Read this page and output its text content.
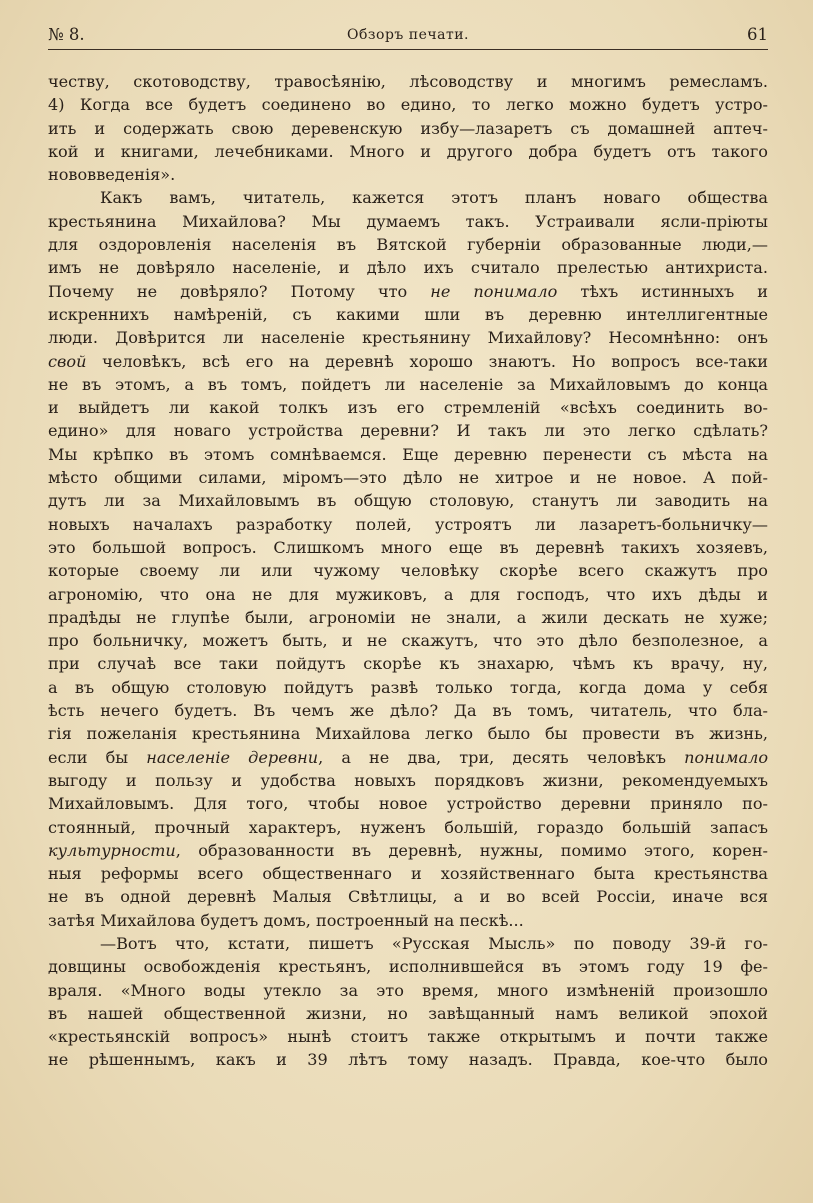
№ 8.	Обзоръ печати.	61
честву, скотоводству, травосѣянію, лѣсоводству и многимъ ремесламъ.
4) Когда все будетъ соединено во едино, то легко можно будетъ устро-
ить и содержать свою деревенскую избу—лазаретъ съ домашней аптеч-
кой и книгами, лечебниками. Много и другого добра будетъ отъ такого
нововведенія».
Какъ вамъ, читатель, кажется этотъ планъ новаго общества
крестьянина Михайлова? Мы думаемъ такъ. Устраивали ясли-пріюты
для оздоровленія населенія въ Вятской губерніи образованные люди,—
имъ не довѣряло населеніе, и дѣло ихъ считало прелестью антихриста.
Почему не довѣряло? Потому что не понимало тѣхъ истинныхъ и
искреннихъ намѣреній, съ какими шли въ деревню интеллигентные
люди. Довѣрится ли населеніе крестьянину Михайлову? Несомнѣнно: онъ
свой человѣкъ, всѣ его на деревнѣ хорошо знаютъ. Но вопросъ все-таки
не въ этомъ, а въ томъ, пойдетъ ли населеніе за Михайловымъ до конца
и выйдетъ ли какой толкъ изъ его стремленій «всѣхъ соединить во-
едино» для новаго устройства деревни? И такъ ли это легко сдѣлать?
Мы крѣпко въ этомъ сомнѣваемся. Еще деревню перенести съ мѣста на
мѣсто общими силами, міромъ—это дѣло не хитрое и не новое. А пой-
дутъ ли за Михайловымъ въ общую столовую, станутъ ли заводить на
новыхъ началахъ разработку полей, устроятъ ли лазаретъ-больничку—
это большой вопросъ. Слишкомъ много еще въ деревнѣ такихъ хозяевъ,
которые своему ли или чужому человѣку скорѣе всего скажутъ про
агрономію, что она не для мужиковъ, а для господъ, что ихъ дѣды и
прадѣды не глупѣе были, агрономіи не знали, а жили дескать не хуже;
про больничку, можетъ быть, и не скажутъ, что это дѣло безполезное, а
при случаѣ все таки пойдутъ скорѣе къ знахарю, чѣмъ къ врачу, ну,
а въ общую столовую пойдутъ развѣ только тогда, когда дома у себя
ѣсть нечего будетъ. Въ чемъ же дѣло? Да въ томъ, читатель, что бла-
гія пожеланія крестьянина Михайлова легко было бы провести въ жизнь,
если бы населеніе деревни, а не два, три, десять человѣкъ понимало
выгоду и пользу и удобства новыхъ порядковъ жизни, рекомендуемыхъ
Михайловымъ. Для того, чтобы новое устройство деревни приняло по-
стоянный, прочный характеръ, нуженъ большій, гораздо большій запасъ
культурности, образованности въ деревнѣ, нужны, помимо этого, корен-
ныя реформы всего общественнаго и хозяйственнаго быта крестьянства
не въ одной деревнѣ Малыя Свѣтлицы, а и во всей Россіи, иначе вся
затѣя Михайлова будетъ домъ, построенный на пескѣ...
—Вотъ что, кстати, пишетъ «Русская Мысль» по поводу 39-й го-
довщины освобожденія крестьянъ, исполнившейся въ этомъ году 19 фе-
враля. «Много воды утекло за это время, много измѣненій произошло
въ нашей общественной жизни, но завѣщанный намъ великой эпохой
«крестьянскій вопросъ» нынѣ стоитъ также открытымъ и почти также
не рѣшеннымъ, какъ и 39 лѣтъ тому назадъ. Правда, кое-что было
